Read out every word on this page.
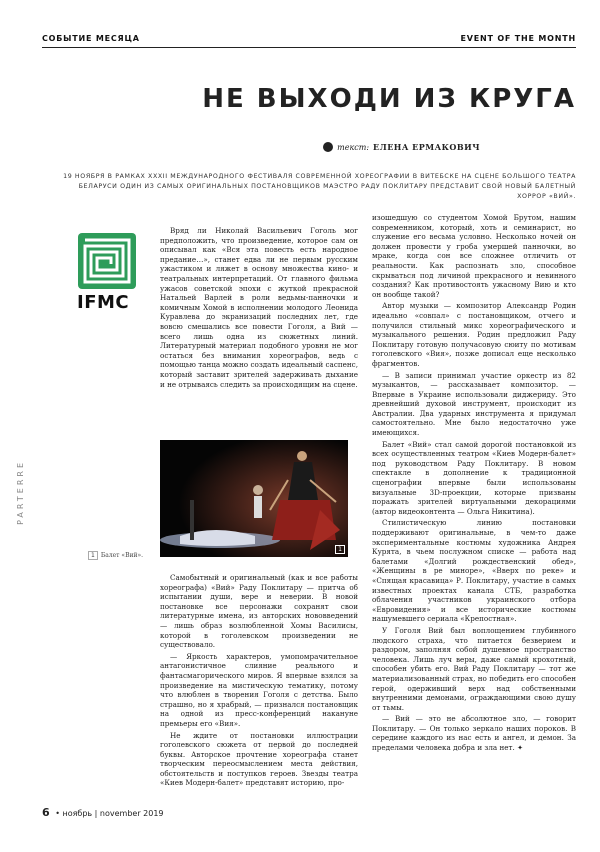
СОБЫТИЕ МЕСЯЦА	EVENT OF THE MONTH
НЕ ВЫХОДИ ИЗ КРУГА
текст: ЕЛЕНА ЕРМАКОВИЧ
19 НОЯБРЯ В РАМКАХ XXXII МЕЖДУНАРОДНОГО ФЕСТИВАЛЯ СОВРЕМЕННОЙ ХОРЕОГРАФИИ В ВИТЕБСКЕ НА СЦЕНЕ БОЛЬШОГО ТЕАТРА БЕЛАРУСИ ОДИН ИЗ САМЫХ ОРИГИНАЛЬНЫХ ПОСТАНОВЩИКОВ МАЭСТРО РАДУ ПОКЛИТАРУ ПРЕДСТАВИТ СВОЙ НОВЫЙ БАЛЕТНЫЙ ХОРРОР «ВИЙ».
PARTERRE
IFMC

Вряд ли Николай Васильевич Гоголь мог предположить, что произведение, которое сам он описывал как «Вся эта повесть есть народное предание…», станет едва ли не первым русским ужастиком и ляжет в основу множества кино- и театральных интерпретаций. От главного фильма ужасов советской эпохи с жуткой прекрасной Натальей Варлей в роли ведьмы-панночки и комичным Хомой в исполнении молодого Леонида Куравлева до экранизаций последних лет, где вовсю смешались все повести Гоголя, а Вий — всего лишь одна из сюжетных линий. Литературный материал подобного уровня не мог остаться без внимания хореографов, ведь с помощью танца можно создать идеальный саспенс, который заставит зрителей задерживать дыхание и не отрываясь следить за происходящим на сцене.

1
1	Балет «Вий».

Самобытный и оригинальный (как и все работы хореографа) «Вий» Раду Поклитару — притча об испытании души, вере и неверии. В новой постановке все персонажи сохранят свои литературные имена, из авторских нововведений — лишь образ возлюбленной Хомы Василисы, которой в гоголевском произведении не существовало.

— Яркость характеров, умопомрачительное антагонистичное слияние реального и фантасмагорического миров. Я впервые взялся за произведение на мистическую тематику, потому что влюблен в творения Гоголя с детства. Было страшно, но я храбрый, — признался постановщик на одной из пресс-конференций накануне премьеры его «Вия».

Не ждите от постановки иллюстрации гоголевского сюжета от первой до последней буквы. Авторское прочтение хореографа станет творческим переосмыслением места действия, обстоятельств и поступков героев. Звезды театра «Киев Модерн-балет» представят историю, про-

изошедшую со студентом Хомой Брутом, нашим современником, который, хоть и семинарист, но служение его весьма условно. Несколько ночей он должен провести у гроба умершей панночки, во мраке, когда сон все сложнее отличить от реальности. Как распознать зло, способное скрываться под личиной прекрасного и невинного создания? Как противостоять ужасному Вию и кто он вообще такой?

Автор музыки — композитор Александр Родин идеально «совпал» с постановщиком, отчего и получился стильный микс хореографического и музыкального решения. Родин предложил Раду Поклитару готовую получасовую сюиту по мотивам гоголевского «Вия», позже дописал еще несколько фрагментов.

— В записи принимал участие оркестр из 82 музыкантов, — рассказывает композитор. — Впервые в Украине использовали диджериду. Это древнейший духовой инструмент, происходит из Австралии. Два ударных инструмента я придумал самостоятельно. Мне было недостаточно уже имеющихся.

Балет «Вий» стал самой дорогой постановкой из всех осуществленных театром «Киев Модерн-балет» под руководством Раду Поклитару. В новом спектакле в дополнение к традиционной сценографии впервые были использованы визуальные 3D-проекции, которые призваны поражать зрителей виртуальными декорациями (автор видеоконтента — Ольга Никитина).

Стилистическую линию постановки поддерживают оригинальные, в чем-то даже экспериментальные костюмы художника Андрея Курята, в чьем послужном списке — работа над балетами «Долгий рождественский обед», «Женщины в ре миноре», «Вверх по реке» и «Спящая красавица» Р. Поклитару, участие в самых известных проектах канала СТБ, разработка облачения участников украинского отбора «Евровидения» и все исторические костюмы нашумевшего сериала «Крепостная».

У Гоголя Вий был воплощением глубинного людского страха, что питается безверием и раздором, заполняя собой душевное пространство человека. Лишь луч веры, даже самый крохотный, способен убить его. Вий Раду Поклитару — тот же материализованный страх, но победить его способен герой, одерживший верх над собственными внутренними демонами, ограждающими свою душу от тьмы.

— Вий — это не абсолютное зло, — говорит Поклитару. — Он только зеркало наших пороков. В середине каждого из нас есть и ангел, и демон. За пределами человека добра и зла нет. ✦

6 • ноябрь | november 2019
